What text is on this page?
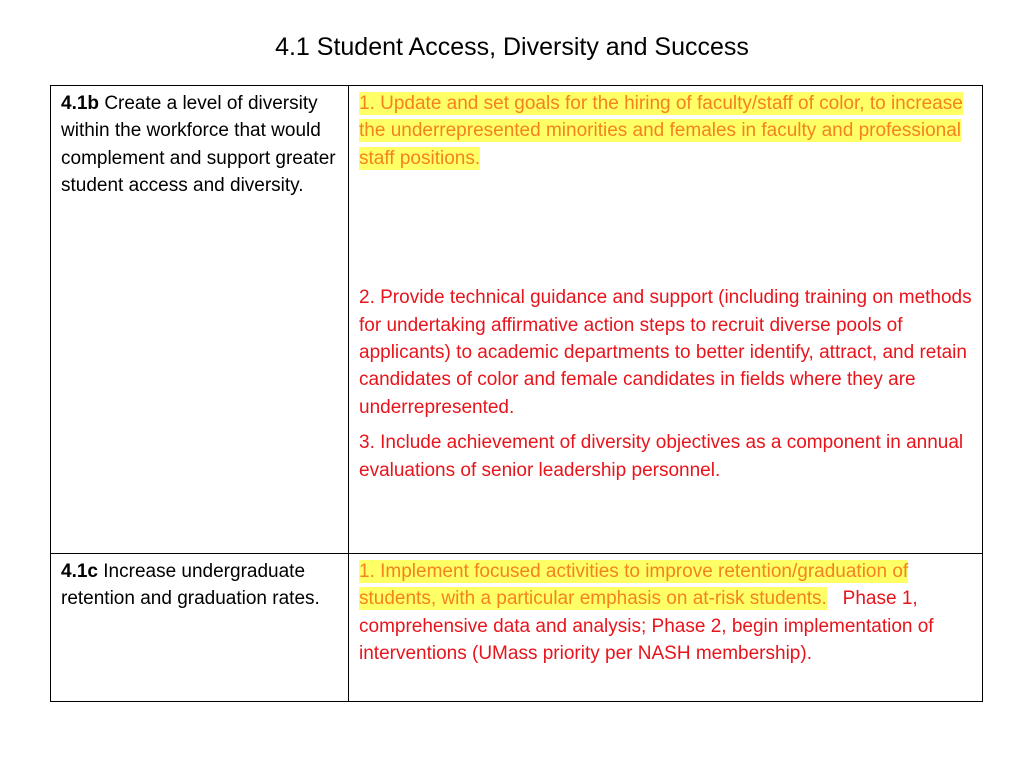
4.1 Student Access, Diversity and Success
4.1b Create a level of diversity within the workforce that would complement and support greater student access and diversity.	1. Update and set goals for the hiring of faculty/staff of color, to increase the underrepresented minorities and females in faculty and professional staff positions.

2. Provide technical guidance and support (including training on methods for undertaking affirmative action steps to recruit diverse pools of applicants) to academic departments to better identify, attract, and retain candidates of color and female candidates in fields where they are underrepresented.

3. Include achievement of diversity objectives as a component in annual evaluations of senior leadership personnel.

4.1c Increase undergraduate retention and graduation rates.	1. Implement focused activities to improve retention/graduation of students, with a particular emphasis on at-risk students.   Phase 1, comprehensive data and analysis; Phase 2, begin implementation of interventions (UMass priority per NASH membership).
